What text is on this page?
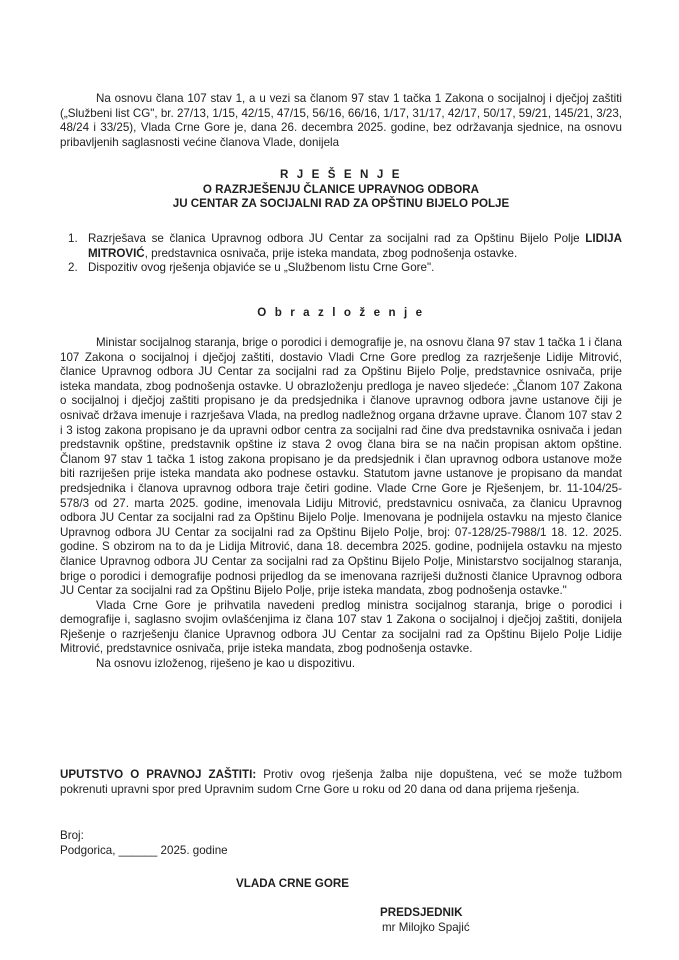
Na osnovu člana 107 stav 1, a u vezi sa članom 97 stav 1 tačka 1 Zakona o socijalnoj i dječjoj zaštiti („Službeni list CG", br. 27/13, 1/15, 42/15, 47/15, 56/16, 66/16, 1/17, 31/17, 42/17, 50/17, 59/21, 145/21, 3/23, 48/24 i 33/25), Vlada Crne Gore je, dana 26. decembra 2025. godine, bez održavanja sjednice, na osnovu pribavljenih saglasnosti većine članova Vlade, donijela

R J E Š E N J E
O RAZRJEŠENJU ČLANICE UPRAVNOG ODBORA
JU CENTAR ZA SOCIJALNI RAD ZA OPŠTINU BIJELO POLJE

1. Razrješava se članica Upravnog odbora JU Centar za socijalni rad za Opštinu Bijelo Polje LIDIJA MITROVIĆ, predstavnica osnivača, prije isteka mandata, zbog podnošenja ostavke.

2. Dispozitiv ovog rješenja objaviće se u „Službenom listu Crne Gore".

O b r a z l o ž e n j e

Ministar socijalnog staranja, brige o porodici i demografije je, na osnovu člana 97 stav 1 tačka 1 i člana 107 Zakona o socijalnoj i dječjoj zaštiti, dostavio Vladi Crne Gore predlog za razrješenje Lidije Mitrović, članice Upravnog odbora JU Centar za socijalni rad za Opštinu Bijelo Polje, predstavnice osnivača, prije isteka mandata, zbog podnošenja ostavke. U obrazloženju predloga je naveo sljedeće: „Članom 107 Zakona o socijalnoj i dječjoj zaštiti propisano je da predsjednika i članove upravnog odbora javne ustanove čiji je osnivač država imenuje i razrješava Vlada, na predlog nadležnog organa državne uprave. Članom 107 stav 2 i 3 istog zakona propisano je da upravni odbor centra za socijalni rad čine dva predstavnika osnivača i jedan predstavnik opštine, predstavnik opštine iz stava 2 ovog člana bira se na način propisan aktom opštine. Članom 97 stav 1 tačka 1 istog zakona propisano je da predsjednik i član upravnog odbora ustanove može biti razriješen prije isteka mandata ako podnese ostavku. Statutom javne ustanove je propisano da mandat predsjednika i članova upravnog odbora traje četiri godine. Vlade Crne Gore je Rješenjem, br. 11-104/25-578/3 od 27. marta 2025. godine, imenovala Lidiju Mitrović, predstavnicu osnivača, za članicu Upravnog odbora JU Centar za socijalni rad za Opštinu Bijelo Polje. Imenovana je podnijela ostavku na mjesto članice Upravnog odbora JU Centar za socijalni rad za Opštinu Bijelo Polje, broj: 07-128/25-7988/1 18. 12. 2025. godine. S obzirom na to da je Lidija Mitrović, dana 18. decembra 2025. godine, podnijela ostavku na mjesto članice Upravnog odbora JU Centar za socijalni rad za Opštinu Bijelo Polje, Ministarstvo socijalnog staranja, brige o porodici i demografije podnosi prijedlog da se imenovana razriješi dužnosti članice Upravnog odbora JU Centar za socijalni rad za Opštinu Bijelo Polje, prije isteka mandata, zbog podnošenja ostavke."

Vlada Crne Gore je prihvatila navedeni predlog ministra socijalnog staranja, brige o porodici i demografije i, saglasno svojim ovlašćenjima iz člana 107 stav 1 Zakona o socijalnoj i dječjoj zaštiti, donijela Rješenje o razrješenju članice Upravnog odbora JU Centar za socijalni rad za Opštinu Bijelo Polje Lidije Mitrović, predstavnice osnivača, prije isteka mandata, zbog podnošenja ostavke.

Na osnovu izloženog, riješeno je kao u dispozitivu.

UPUTSTVO O PRAVNOJ ZAŠTITI: Protiv ovog rješenja žalba nije dopuštena, već se može tužbom pokrenuti upravni spor pred Upravnim sudom Crne Gore u roku od 20 dana od dana prijema rješenja.

Broj:
Podgorica, ______ 2025. godine
VLADA CRNE GORE
PREDSJEDNIK
mr Milojko Spajić
